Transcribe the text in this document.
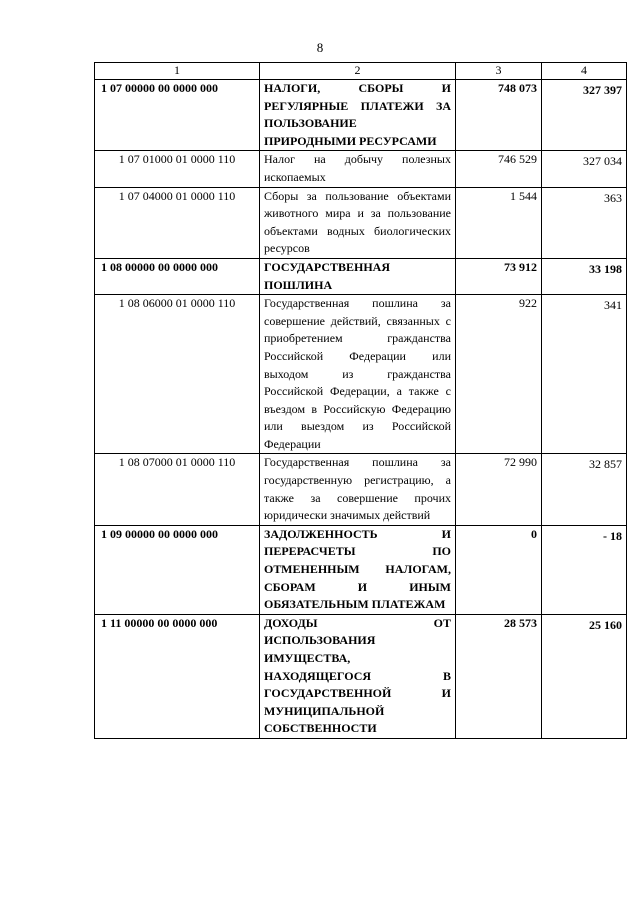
8
1	2	3	4
1 07 00000 00 0000 000	НАЛОГИ, СБОРЫ И РЕГУЛЯРНЫЕ ПЛАТЕЖИ ЗА ПОЛЬЗОВАНИЕ ПРИРОДНЫМИ РЕСУРСАМИ	748 073	327 397
1 07 01000 01 0000 110	Налог на добычу полезных ископаемых	746 529	327 034
1 07 04000 01 0000 110	Сборы за пользование объектами животного мира и за пользование объектами водных биологических ресурсов	1 544	363
1 08 00000 00 0000 000	ГОСУДАРСТВЕННАЯ ПОШЛИНА	73 912	33 198
1 08 06000 01 0000 110	Государственная пошлина за совершение действий, связанных с приобретением гражданства Российской Федерации или выходом из гражданства Российской Федерации, а также с въездом в Российскую Федерацию или выездом из Российской Федерации	922	341
1 08 07000 01 0000 110	Государственная пошлина за государственную регистрацию, а также за совершение прочих юридически значимых действий	72 990	32 857
1 09 00000 00 0000 000	ЗАДОЛЖЕННОСТЬ И ПЕРЕРАСЧЕТЫ ПО ОТМЕНЕННЫМ НАЛОГАМ, СБОРАМ И ИНЫМ ОБЯЗАТЕЛЬНЫМ ПЛАТЕЖАМ	0	- 18
1 11 00000 00 0000 000	ДОХОДЫ ОТ ИСПОЛЬЗОВАНИЯ ИМУЩЕСТВА, НАХОДЯЩЕГОСЯ В ГОСУДАРСТВЕННОЙ И МУНИЦИПАЛЬНОЙ СОБСТВЕННОСТИ	28 573	25 160
